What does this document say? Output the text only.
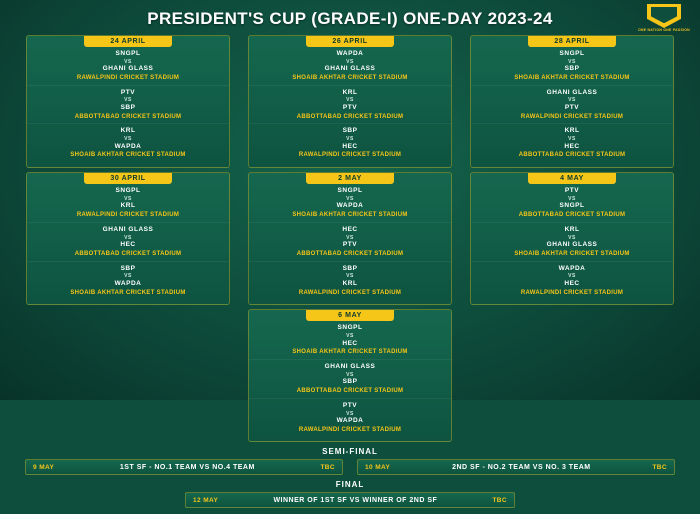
ONE NATION ONE PASSION
PRESIDENT'S CUP (GRADE-I) ONE-DAY 2023-24
24 APRIL
SNGPL
VS
GHANI GLASS
RAWALPINDI CRICKET STADIUM
PTV
VS
SBP
ABBOTTABAD CRICKET STADIUM
KRL
VS
WAPDA
SHOAIB AKHTAR CRICKET STADIUM
26 APRIL
WAPDA
VS
GHANI GLASS
SHOAIB AKHTAR CRICKET STADIUM
KRL
VS
PTV
ABBOTTABAD CRICKET STADIUM
SBP
VS
HEC
RAWALPINDI CRICKET STADIUM
28 APRIL
SNGPL
VS
SBP
SHOAIB AKHTAR CRICKET STADIUM
GHANI GLASS
VS
PTV
RAWALPINDI CRICKET STADIUM
KRL
VS
HEC
ABBOTTABAD CRICKET STADIUM
30 APRIL
SNGPL
VS
KRL
RAWALPINDI CRICKET STADIUM
GHANI GLASS
VS
HEC
ABBOTTABAD CRICKET STADIUM
SBP
VS
WAPDA
SHOAIB AKHTAR CRICKET STADIUM
2 MAY
SNGPL
VS
WAPDA
SHOAIB AKHTAR CRICKET STADIUM
HEC
VS
PTV
ABBOTTABAD CRICKET STADIUM
SBP
VS
KRL
RAWALPINDI CRICKET STADIUM
4 MAY
PTV
VS
SNGPL
ABBOTTABAD CRICKET STADIUM
KRL
VS
GHANI GLASS
SHOAIB AKHTAR CRICKET STADIUM
WAPDA
VS
HEC
RAWALPINDI CRICKET STADIUM
6 MAY
SNGPL
VS
HEC
SHOAIB AKHTAR CRICKET STADIUM
GHANI GLASS
VS
SBP
ABBOTTABAD CRICKET STADIUM
PTV
VS
WAPDA
RAWALPINDI CRICKET STADIUM
SEMI-FINAL
9 MAY	1ST SF - NO.1 TEAM VS NO.4 TEAM	TBC	10 MAY	2ND SF - NO.2 TEAM VS NO. 3 TEAM	TBC
FINAL
12 MAY	WINNER OF 1ST SF VS WINNER OF 2ND SF	TBC
